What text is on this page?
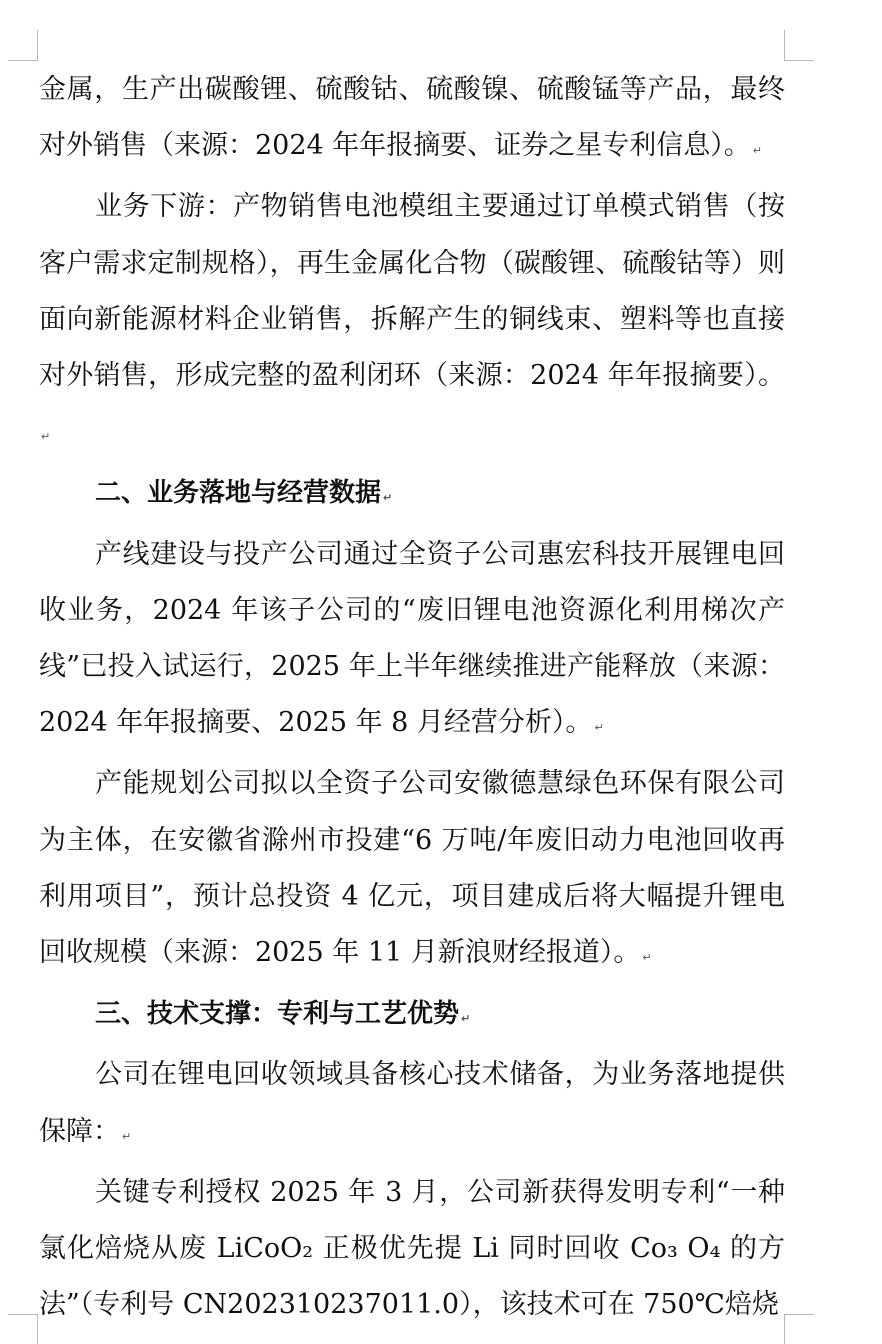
金属，生产出碳酸锂、硫酸钴、硫酸镍、硫酸锰等产品，最终对外销售（来源：2024 年年报摘要、证券之星专利信息）。 ↵

业务下游：产物销售电池模组主要通过订单模式销售（按客户需求定制规格），再生金属化合物（碳酸锂、硫酸钴等）则面向新能源材料企业销售，拆解产生的铜线束、塑料等也直接对外销售，形成完整的盈利闭环（来源：2024 年年报摘要）。↵

二、业务落地与经营数据 ↵

产线建设与投产公司通过全资子公司惠宏科技开展锂电回收业务，2024 年该子公司的“废旧锂电池资源化利用梯次产线”已投入试运行，2025 年上半年继续推进产能释放（来源：2024 年年报摘要、2025 年 8 月经营分析）。 ↵

产能规划公司拟以全资子公司安徽德慧绿色环保有限公司为主体，在安徽省滁州市投建“6 万吨/年废旧动力电池回收再利用项目”，预计总投资 4 亿元，项目建成后将大幅提升锂电回收规模（来源：2025 年 11 月新浪财经报道）。 ↵

三、技术支撑：专利与工艺优势 ↵

公司在锂电回收领域具备核心技术储备，为业务落地提供保障： ↵

关键专利授权 2025 年 3 月，公司新获得发明专利“一种氯化焙烧从废 LiCoO₂ 正极优先提 Li 同时回收 Co₃ O₄ 的方法”（专利号 CN202310237011.0），该技术可在 750℃焙烧
